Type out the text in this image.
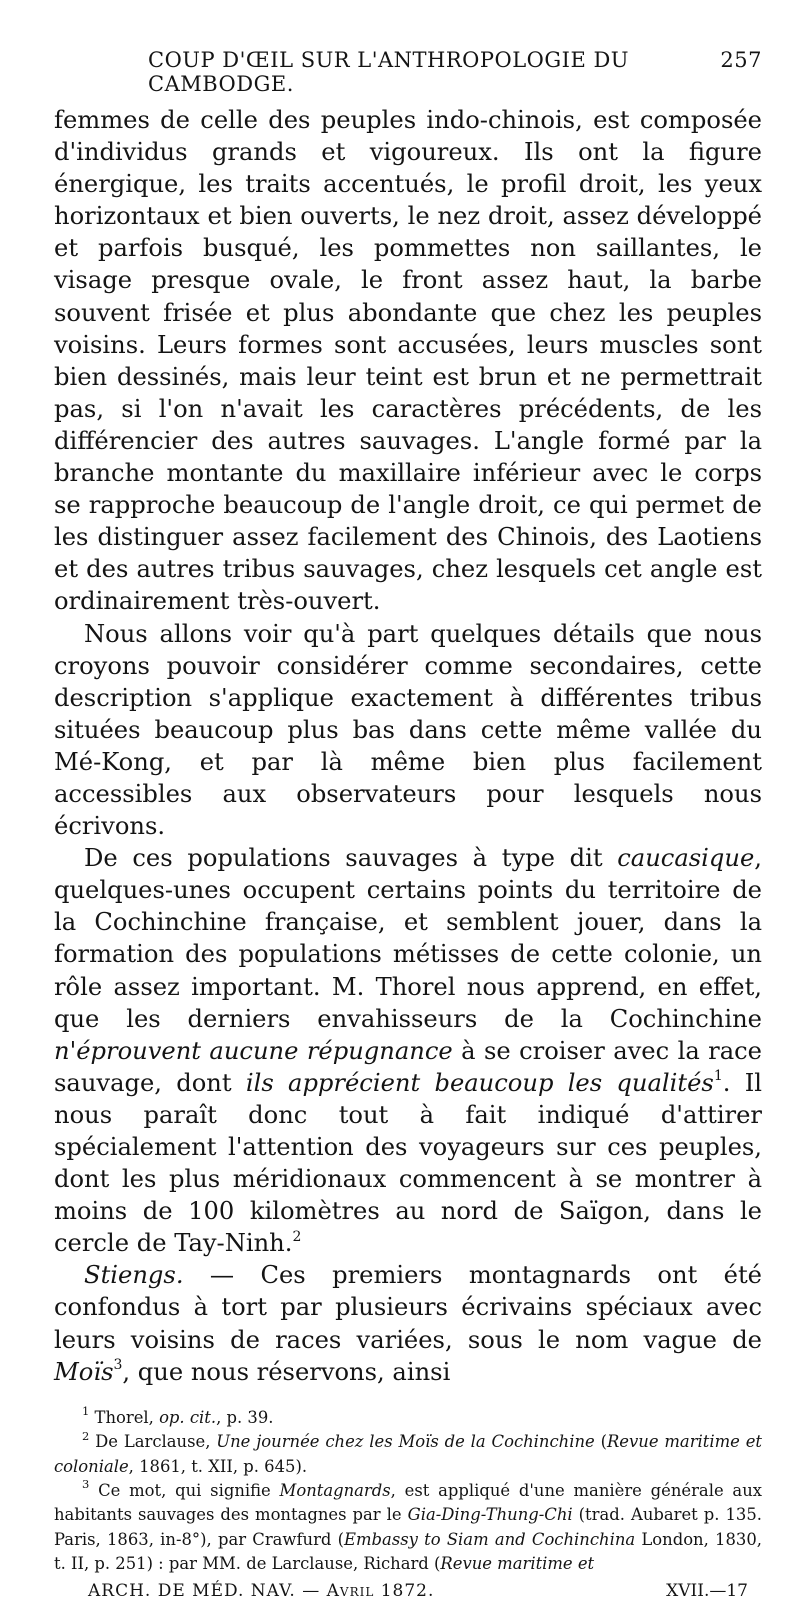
COUP D'ŒIL SUR L'ANTHROPOLOGIE DU CAMBODGE.
257

femmes de celle des peuples indo-chinois, est composée d'individus grands et vigoureux. Ils ont la figure énergique, les traits accentués, le profil droit, les yeux horizontaux et bien ouverts, le nez droit, assez développé et parfois busqué, les pommettes non saillantes, le visage presque ovale, le front assez haut, la barbe souvent frisée et plus abondante que chez les peuples voisins. Leurs formes sont accusées, leurs muscles sont bien dessinés, mais leur teint est brun et ne permettrait pas, si l'on n'avait les caractères précédents, de les différencier des autres sauvages. L'angle formé par la branche montante du maxillaire inférieur avec le corps se rapproche beaucoup de l'angle droit, ce qui permet de les distinguer assez facilement des Chinois, des Laotiens et des autres tribus sauvages, chez lesquels cet angle est ordinairement très-ouvert.

Nous allons voir qu'à part quelques détails que nous croyons pouvoir considérer comme secondaires, cette description s'applique exactement à différentes tribus situées beaucoup plus bas dans cette même vallée du Mé-Kong, et par là même bien plus facilement accessibles aux observateurs pour lesquels nous écrivons.

De ces populations sauvages à type dit caucasique, quelques-unes occupent certains points du territoire de la Cochinchine française, et semblent jouer, dans la formation des populations métisses de cette colonie, un rôle assez important. M. Thorel nous apprend, en effet, que les derniers envahisseurs de la Cochinchine n'éprouvent aucune répugnance à se croiser avec la race sauvage, dont ils apprécient beaucoup les qualités$^1$. Il nous paraît donc tout à fait indiqué d'attirer spécialement l'attention des voyageurs sur ces peuples, dont les plus méridionaux commencent à se montrer à moins de 100 kilomètres au nord de Saïgon, dans le cercle de Tay-Ninh.$^2$

Stiengs. — Ces premiers montagnards ont été confondus à tort par plusieurs écrivains spéciaux avec leurs voisins de races variées, sous le nom vague de Moïs$^3$, que nous réservons, ainsi

$^1$ Thorel, op. cit., p. 39.

$^2$ De Larclause, Une journée chez les Moïs de la Cochinchine (Revue maritime et coloniale, 1861, t. XII, p. 645).

$^3$ Ce mot, qui signifie Montagnards, est appliqué d'une manière générale aux habitants sauvages des montagnes par le Gia-Ding-Thung-Chi (trad. Aubaret p. 135. Paris, 1863, in-8°), par Crawfurd (Embassy to Siam and Cochinchina London, 1830, t. II, p. 251) : par MM. de Larclause, Richard (Revue maritime et

ARCH. DE MÉD. NAV. — Avril 1872.	XVII.—17
